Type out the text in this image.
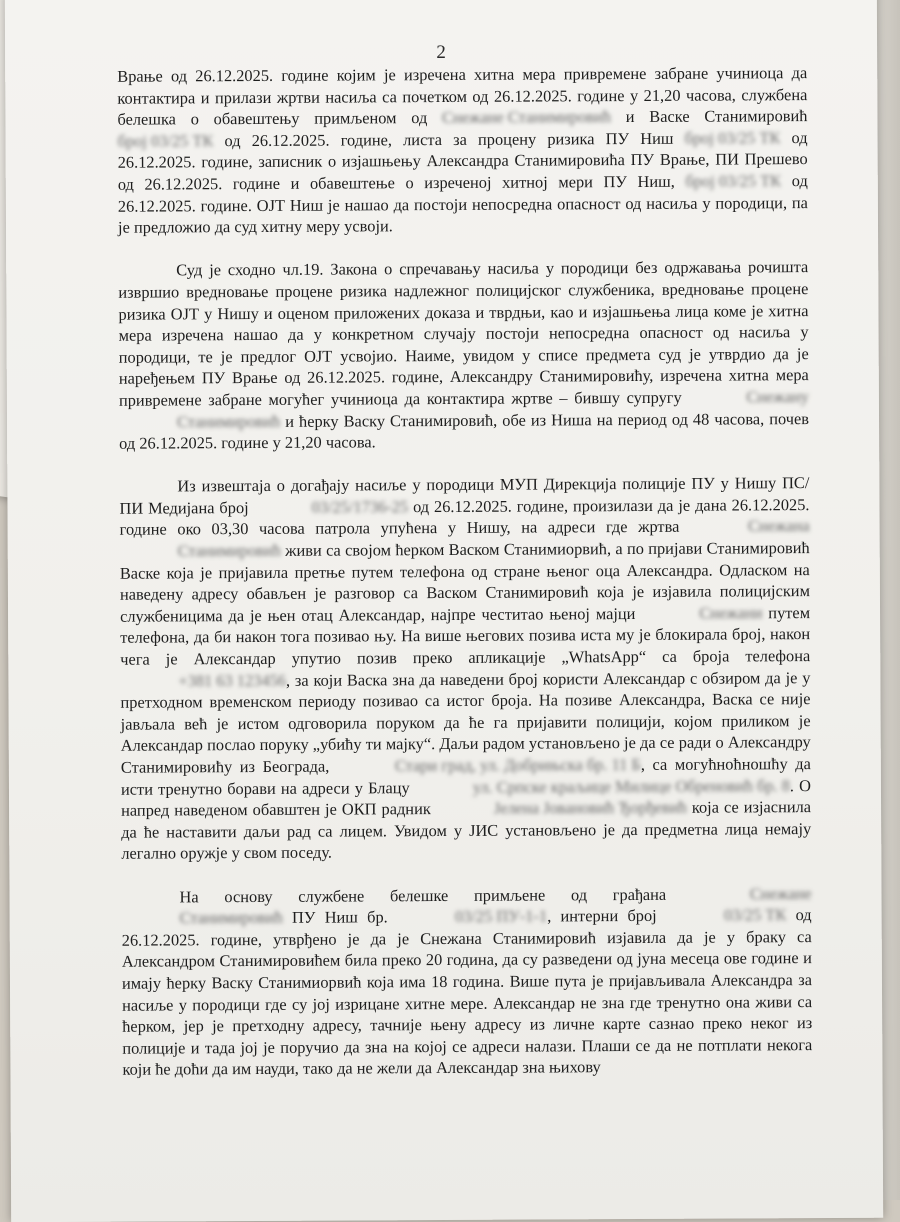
2

Врање од 26.12.2025. године којим је изречена хитна мера привремене забране учиниоца да контактира и прилази жртви насиља са почетком од 26.12.2025. године у 21,20 часова, службена белешка о обавештењу примљеном од Снежане Станимировић и Васке Станимировић број 03/25 ТК од 26.12.2025. године, листа за процену ризика ПУ Ниш број 03/25 ТК од 26.12.2025. године, записник о изјашњењу Александра Станимировића ПУ Врање, ПИ Прешево од 26.12.2025. године и обавештење о изреченој хитној мери ПУ Ниш, број 03/25 ТК од 26.12.2025. године. ОЈТ Ниш је нашао да постоји непосредна опасност од насиља у породици, па је предложио да суд хитну меру усвоји.

Суд је сходно чл.19. Закона о спречавању насиља у породици без одржавања рочишта извршио вредновање процене ризика надлежног полицијског службеника, вредновање процене ризика ОЈТ у Нишу и оценом приложених доказа и тврдњи, као и изјашњења лица коме је хитна мера изречена нашао да у конкретном случају постоји непосредна опасност од насиља у породици, те је предлог ОЈТ усвојио. Наиме, увидом у списе предмета суд је утврдио да је наређењем ПУ Врање од 26.12.2025. године, Александру Станимировићу, изречена хитна мера привремене забране могућег учиниоца да контактира жртве – бившу супругу	Снежану Станимировић и ћерку Васку Станимировић, обе из Ниша на период од 48 часова, почев од 26.12.2025. године у 21,20 часова.

Из извештаја о догађају насиље у породици МУП Дирекција полиције ПУ у Нишу ПС/ПИ Медијана број	03/25/1736-25 од 26.12.2025. године, произилази да је дана 26.12.2025. године око 03,30 часова патрола упућена у Нишу, на адреси где жртва	Снежана Станимировић живи са својом ћерком Васком Станимиорвић, а по пријави Станимировић Васке која је пријавила претње путем телефона од стране њеног оца Александра. Одласком на наведену адресу обављен је разговор са Васком Станимировић која је изјавила полицијским службеницима да је њен отац Александар, најпре честитао њеној мајци	Снежани путем телефона, да би након тога позивао њу. На више његових позива иста му је блокирала број, након чега је Александар упутио позив преко апликације „WhatsApp“ са броја телефона +381 63 123456, за који Васка зна да наведени број користи Александар с обзиром да је у претходном временском периоду позивао са истог броја. На позиве Александра, Васка се није јављала већ је истом одговорила поруком да ће га пријавити полицији, којом приликом је Александар послао поруку „убићу ти мајку“. Даљи радом установљено је да се ради о Александру Станимировићу из Београда,	Стари град, ул. Добрињска бр. 11 Б, са могућноћношћу да исти тренутно борави на адреси у Блацу	ул. Српске краљице Милице Обреновић бр. 8. О напред наведеном обавштен је ОКП радник	Јелена Јовановић Ђорђевић која се изјаснила да ће наставити даљи рад са лицем. Увидом у ЈИС установљено је да предметна лица немају легално оружје у свом поседу.

На основу службене белешке примљене од грађана	Снежане Станимировић ПУ Ниш бр.	03/25 ПУ-1-1, интерни број	03/25 ТК од 26.12.2025. године, утврђено је да је Снежана Станимировић изјавила да је у браку са Александром Станимировићем била преко 20 година, да су разведени од јуна месеца ове године и имају ћерку Васку Станимиорвић која има 18 година. Више пута је пријављивала Александра за насиље у породици где су јој изрицане хитне мере. Александар не зна где тренутно она живи са ћерком, јер је претходну адресу, тачније њену адресу из личне карте сазнао преко неког из полиције и тада јој је поручио да зна на којој се адреси налази. Плаши се да не потплати некога који ће доћи да им науди, тако да не жели да Александар зна њихову
